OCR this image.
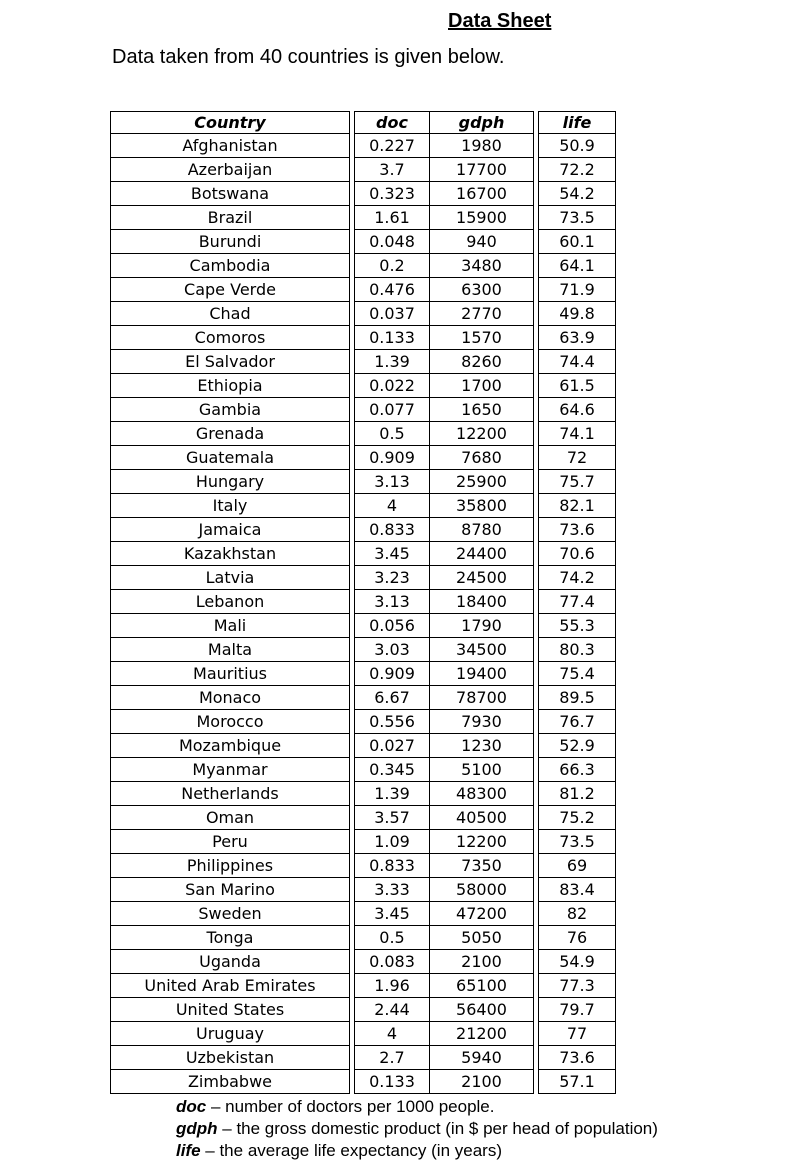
Data Sheet
Data taken from 40 countries is given below.
Country		doc	gdph		life
Afghanistan		0.227	1980		50.9
Azerbaijan		3.7	17700		72.2
Botswana		0.323	16700		54.2
Brazil		1.61	15900		73.5
Burundi		0.048	940		60.1
Cambodia		0.2	3480		64.1
Cape Verde		0.476	6300		71.9
Chad		0.037	2770		49.8
Comoros		0.133	1570		63.9
El Salvador		1.39	8260		74.4
Ethiopia		0.022	1700		61.5
Gambia		0.077	1650		64.6
Grenada		0.5	12200		74.1
Guatemala		0.909	7680		72
Hungary		3.13	25900		75.7
Italy		4	35800		82.1
Jamaica		0.833	8780		73.6
Kazakhstan		3.45	24400		70.6
Latvia		3.23	24500		74.2
Lebanon		3.13	18400		77.4
Mali		0.056	1790		55.3
Malta		3.03	34500		80.3
Mauritius		0.909	19400		75.4
Monaco		6.67	78700		89.5
Morocco		0.556	7930		76.7
Mozambique		0.027	1230		52.9
Myanmar		0.345	5100		66.3
Netherlands		1.39	48300		81.2
Oman		3.57	40500		75.2
Peru		1.09	12200		73.5
Philippines		0.833	7350		69
San Marino		3.33	58000		83.4
Sweden		3.45	47200		82
Tonga		0.5	5050		76
Uganda		0.083	2100		54.9
United Arab Emirates		1.96	65100		77.3
United States		2.44	56400		79.7
Uruguay		4	21200		77
Uzbekistan		2.7	5940		73.6
Zimbabwe		0.133	2100		57.1
doc – number of doctors per 1000 people.
gdph – the gross domestic product (in $ per head of population)
life – the average life expectancy (in years)
